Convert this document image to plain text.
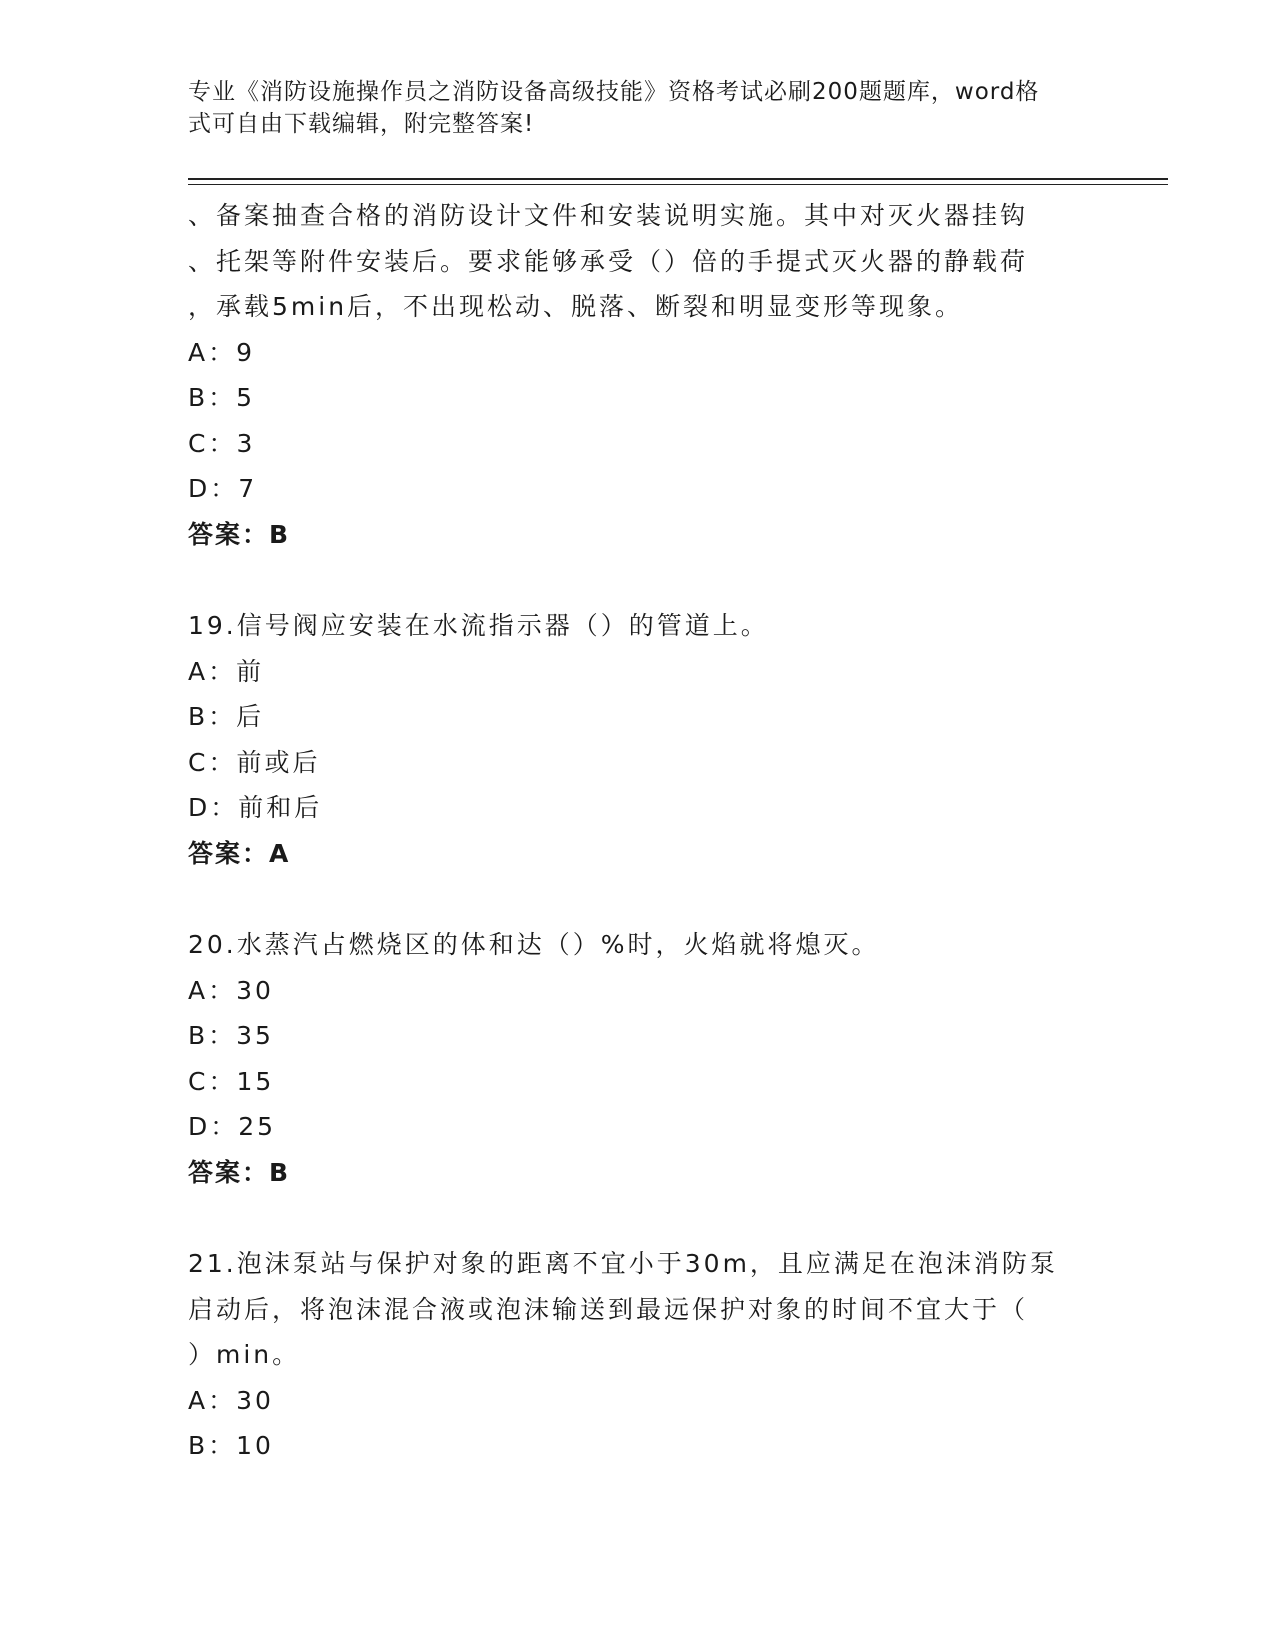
专业《消防设施操作员之消防设备高级技能》资格考试必刷200题题库，word格
式可自由下载编辑，附完整答案!
、备案抽查合格的消防设计文件和安装说明实施。其中对灭火器挂钩
、托架等附件安装后。要求能够承受（）倍的手提式灭火器的静载荷
，承载5min后，不出现松动、脱落、断裂和明显变形等现象。
A：9
B：5
C：3
D：7
答案：B
19.信号阀应安装在水流指示器（）的管道上。
A：前
B：后
C：前或后
D：前和后
答案：A
20.水蒸汽占燃烧区的体和达（）%时，火焰就将熄灭。
A：30
B：35
C：15
D：25
答案：B
21.泡沫泵站与保护对象的距离不宜小于30m，且应满足在泡沫消防泵
启动后，将泡沫混合液或泡沫输送到最远保护对象的时间不宜大于（
）min。
A：30
B：10
